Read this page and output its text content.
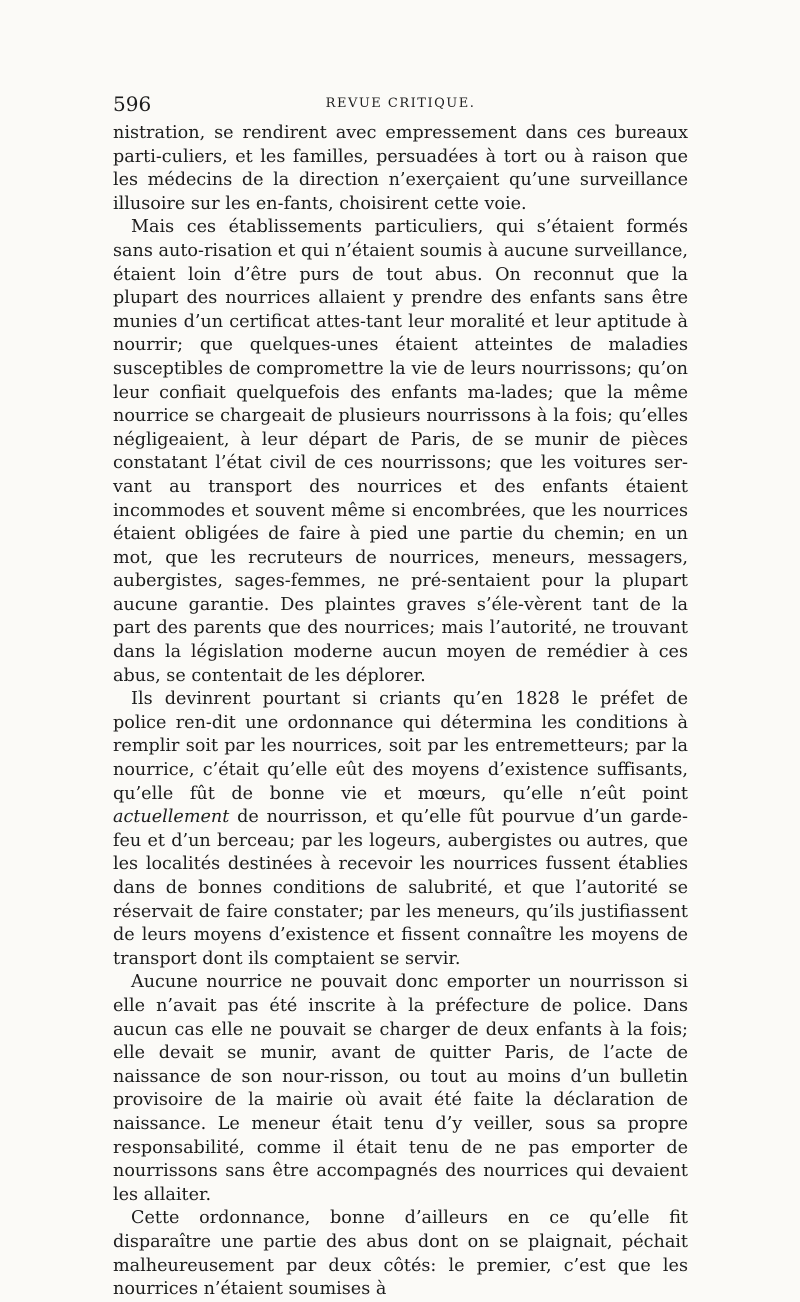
596	REVUE CRITIQUE.

nistration, se rendirent avec empressement dans ces bureaux parti-culiers, et les familles, persuadées à tort ou à raison que les médecins de la direction n’exerçaient qu’une surveillance illusoire sur les en-fants, choisirent cette voie.

Mais ces établissements particuliers, qui s’étaient formés sans auto-risation et qui n’étaient soumis à aucune surveillance, étaient loin d’être purs de tout abus. On reconnut que la plupart des nourrices allaient y prendre des enfants sans être munies d’un certificat attes-tant leur moralité et leur aptitude à nourrir; que quelques-unes étaient atteintes de maladies susceptibles de compromettre la vie de leurs nourrissons; qu’on leur confiait quelquefois des enfants ma-lades; que la même nourrice se chargeait de plusieurs nourrissons à la fois; qu’elles négligeaient, à leur départ de Paris, de se munir de pièces constatant l’état civil de ces nourrissons; que les voitures ser-vant au transport des nourrices et des enfants étaient incommodes et souvent même si encombrées, que les nourrices étaient obligées de faire à pied une partie du chemin; en un mot, que les recruteurs de nourrices, meneurs, messagers, aubergistes, sages-femmes, ne pré-sentaient pour la plupart aucune garantie. Des plaintes graves s’éle-vèrent tant de la part des parents que des nourrices; mais l’autorité, ne trouvant dans la législation moderne aucun moyen de remédier à ces abus, se contentait de les déplorer.

Ils devinrent pourtant si criants qu’en 1828 le préfet de police ren-dit une ordonnance qui détermina les conditions à remplir soit par les nourrices, soit par les entremetteurs; par la nourrice, c’était qu’elle eût des moyens d’existence suffisants, qu’elle fût de bonne vie et mœurs, qu’elle n’eût point actuellement de nourrisson, et qu’elle fût pourvue d’un garde-feu et d’un berceau; par les logeurs, aubergistes ou autres, que les localités destinées à recevoir les nourrices fussent établies dans de bonnes conditions de salubrité, et que l’autorité se réservait de faire constater; par les meneurs, qu’ils justifiassent de leurs moyens d’existence et fissent connaître les moyens de transport dont ils comptaient se servir.

Aucune nourrice ne pouvait donc emporter un nourrisson si elle n’avait pas été inscrite à la préfecture de police. Dans aucun cas elle ne pouvait se charger de deux enfants à la fois; elle devait se munir, avant de quitter Paris, de l’acte de naissance de son nour-risson, ou tout au moins d’un bulletin provisoire de la mairie où avait été faite la déclaration de naissance. Le meneur était tenu d’y veiller, sous sa propre responsabilité, comme il était tenu de ne pas emporter de nourrissons sans être accompagnés des nourrices qui devaient les allaiter.

Cette ordonnance, bonne d’ailleurs en ce qu’elle fit disparaître une partie des abus dont on se plaignait, péchait malheureusement par deux côtés: le premier, c’est que les nourrices n’étaient soumises à
